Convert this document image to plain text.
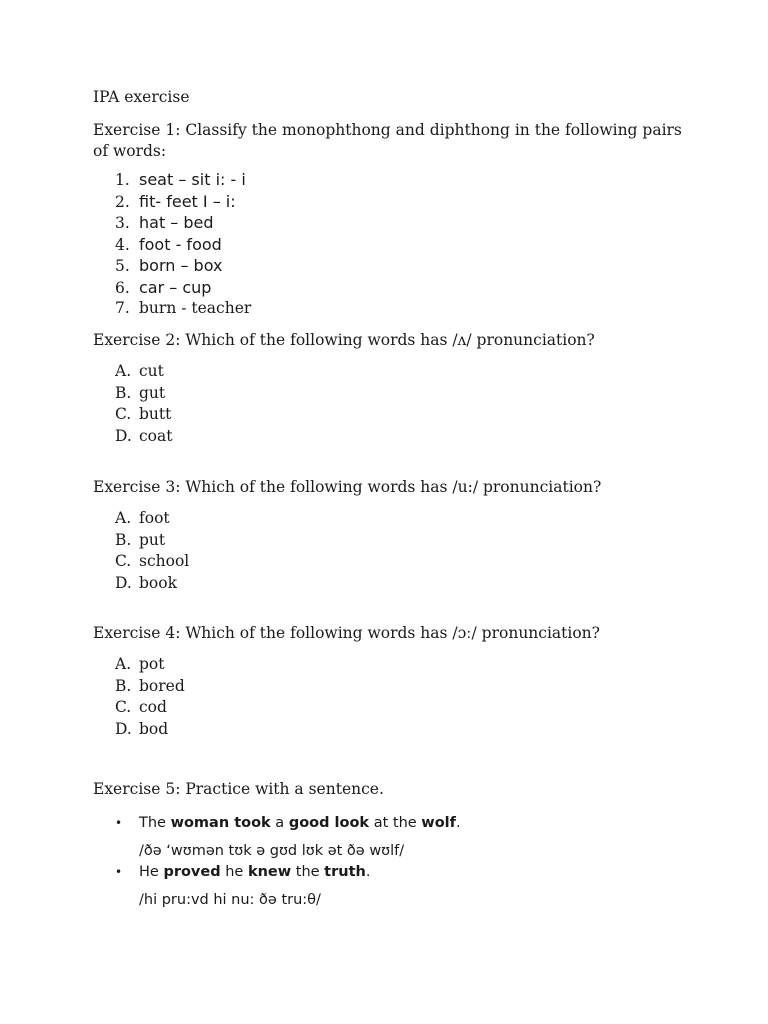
IPA exercise
Exercise 1: Classify the monophthong and diphthong in the following pairs of words:
1. seat – sit i: - i
2. fit- feet I – i:
3. hat – bed
4. foot - food
5. born – box
6. car – cup
7. burn - teacher
Exercise 2: Which of the following words has /ʌ/ pronunciation?
A. cut
B. gut
C. butt
D. coat
Exercise 3: Which of the following words has /u:/ pronunciation?
A. foot
B. put
C. school
D. book
Exercise 4: Which of the following words has /ɔː/ pronunciation?
A. pot
B. bored
C. cod
D. bod
Exercise 5: Practice with a sentence.
•	The woman took a good look at the wolf.
/ðə ‘wʊmən tʊk ə gʊd lʊk ət ðə wʊlf/
•	He proved he knew the truth.
/hi pru:vd hi nu: ðə tru:θ/
